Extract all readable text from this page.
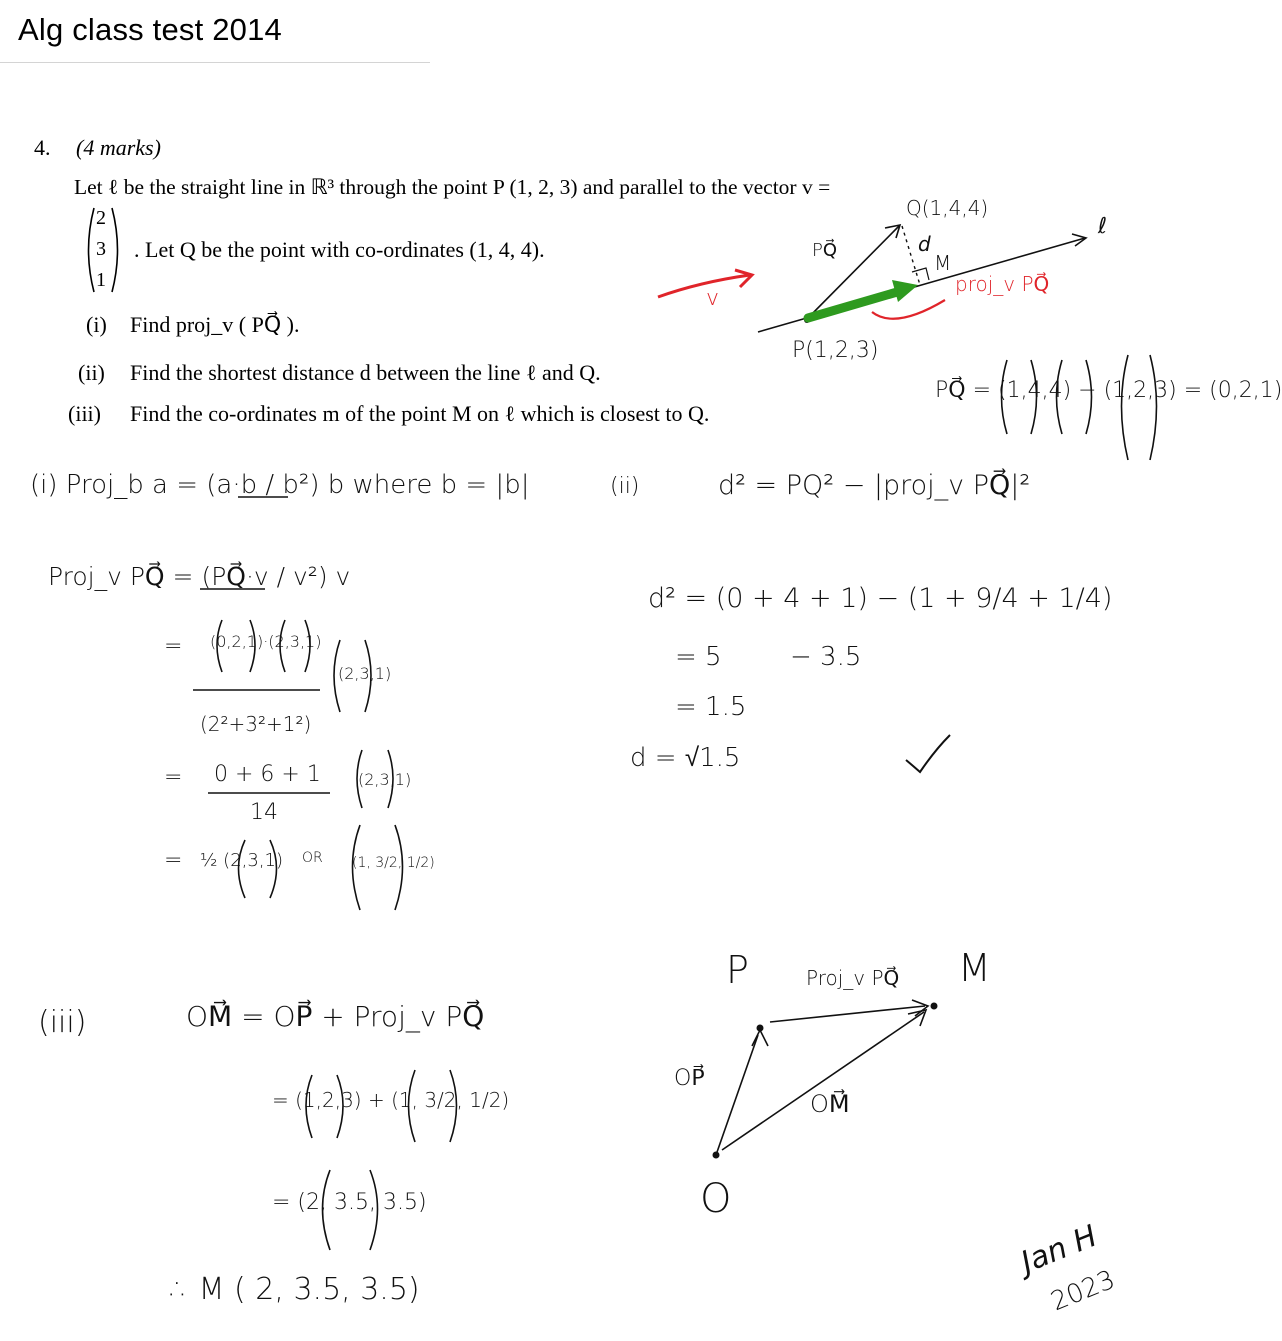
Alg class test 2014
4. (4 marks)
Let ℓ be the straight line in ℝ³ through the point P (1, 2, 3) and parallel to the vector v =
2
3
1
. Let Q be the point with co-ordinates (1, 4, 4).
(i) Find proj_v ( PQ⃗ ).
(ii) Find the shortest distance d between the line ℓ and Q.
(iii) Find the co-ordinates m of the point M on ℓ which is closest to Q.
Q(1,4,4)
ℓ
PQ⃗	d
M
P(1,2,3)
v
proj_v PQ⃗
PQ⃗ = (1,4,4) − (1,2,3) = (0,2,1)
(i) Proj_b a = (a·b / b²) b where b = |b|
Proj_v PQ⃗ = (PQ⃗·v / v²) v
= (0,2,1)·(2,3,1)
(2²+3²+1²)
(2,3,1)
= 0 + 6 + 1
14
(2,3,1)
= ½ (2,3,1) OR (1, 3/2, 1/2)
(ii)	d² = PQ² − |proj_v PQ⃗|²
d² = (0 + 4 + 1) − (1 + 9/4 + 1/4)
= 5	− 3.5
= 1.5
d = √1.5
✓
(iii)	OM⃗ = OP⃗ + Proj_v PQ⃗
= (1,2,3) + (1, 3/2, 1/2)
= (2, 3.5, 3.5)
∴ M ( 2, 3.5, 3.5)
P	M
O
Proj_v PQ⃗
OP⃗
OM⃗
Jan H
2023
